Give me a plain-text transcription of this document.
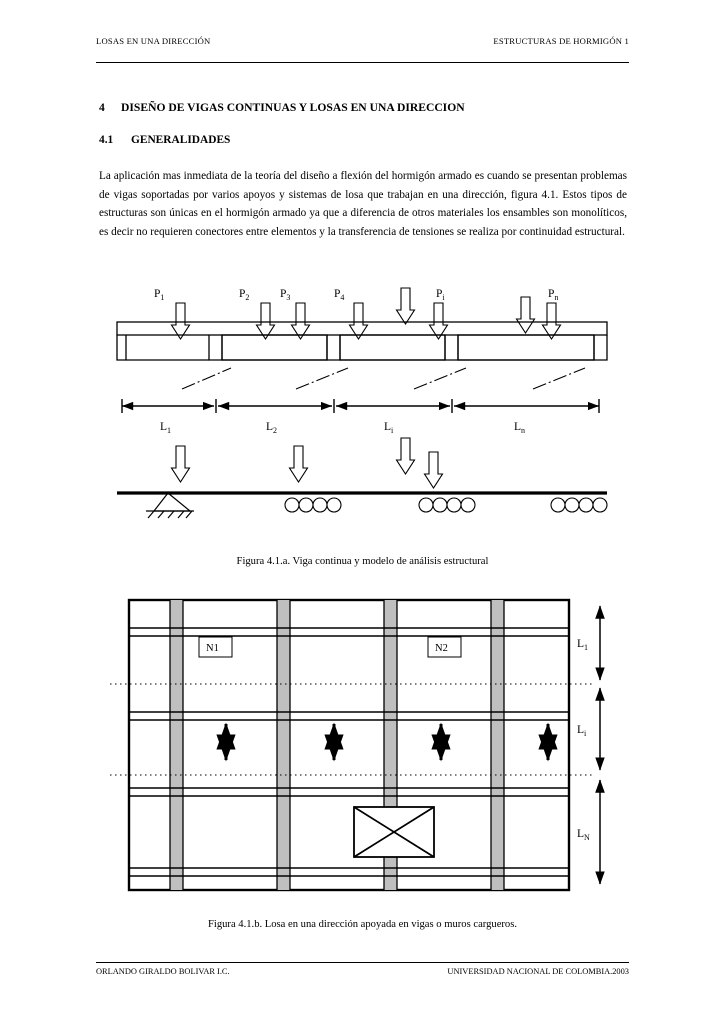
LOSAS EN UNA DIRECCIÓN	ESTRUCTURAS DE HORMIGÓN 1
4 DISEÑO DE VIGAS CONTINUAS Y LOSAS EN UNA DIRECCION
4.1 GENERALIDADES
La aplicación mas inmediata de la teoría del diseño a flexión del hormigón armado es cuando se presentan problemas de vigas soportadas por varios apoyos y sistemas de losa que trabajan en una dirección, figura 4.1. Estos tipos de estructuras son únicas en el hormigón armado ya que a diferencia de otros materiales los ensambles son monolíticos, es decir no requieren conectores entre elementos y la transferencia de tensiones se realiza por continuidad estructural.
$P_1$	$P_2$	$P_3$	$P_4$	$P_i$	$P_n$
$L_1$	$L_2$	$L_i$	$L_n$
Figura 4.1.a. Viga continua y modelo de análisis estructural
N1	N2	$L_1$
$L_i$
$L_N$
Figura 4.1.b. Losa en una dirección apoyada en vigas o muros cargueros.
ORLANDO GIRALDO BOLIVAR I.C.	UNIVERSIDAD NACIONAL DE COLOMBIA.2003
